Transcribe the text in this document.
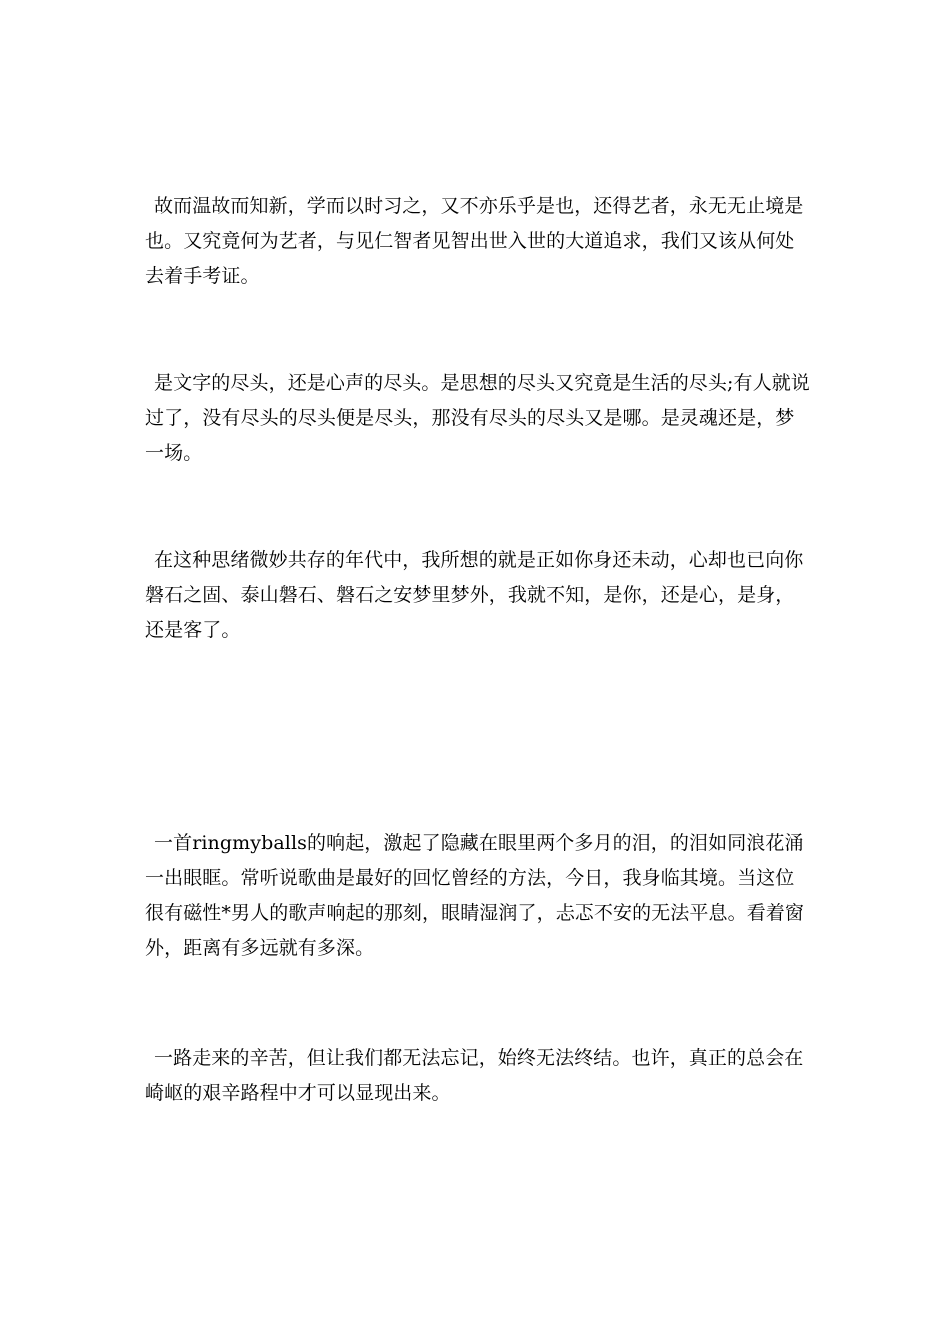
故而温故而知新，学而以时习之，又不亦乐乎是也，还得艺者，永无无止境是也。又究竟何为艺者，与见仁智者见智出世入世的大道追求，我们又该从何处去着手考证。

是文字的尽头，还是心声的尽头。是思想的尽头又究竟是生活的尽头;有人就说过了，没有尽头的尽头便是尽头，那没有尽头的尽头又是哪。是灵魂还是，梦一场。

在这种思绪微妙共存的年代中，我所想的就是正如你身还未动，心却也已向你磐石之固、泰山磐石、磐石之安梦里梦外，我就不知，是你，还是心，是身，还是客了。

一首ringmyballs的响起，激起了隐藏在眼里两个多月的泪，的泪如同浪花涌一出眼眶。常听说歌曲是最好的回忆曾经的方法，今日，我身临其境。当这位很有磁性*男人的歌声响起的那刻，眼睛湿润了，忐忑不安的无法平息。看着窗外，距离有多远就有多深。

一路走来的辛苦，但让我们都无法忘记，始终无法终结。也许，真正的总会在崎岖的艰辛路程中才可以显现出来。
